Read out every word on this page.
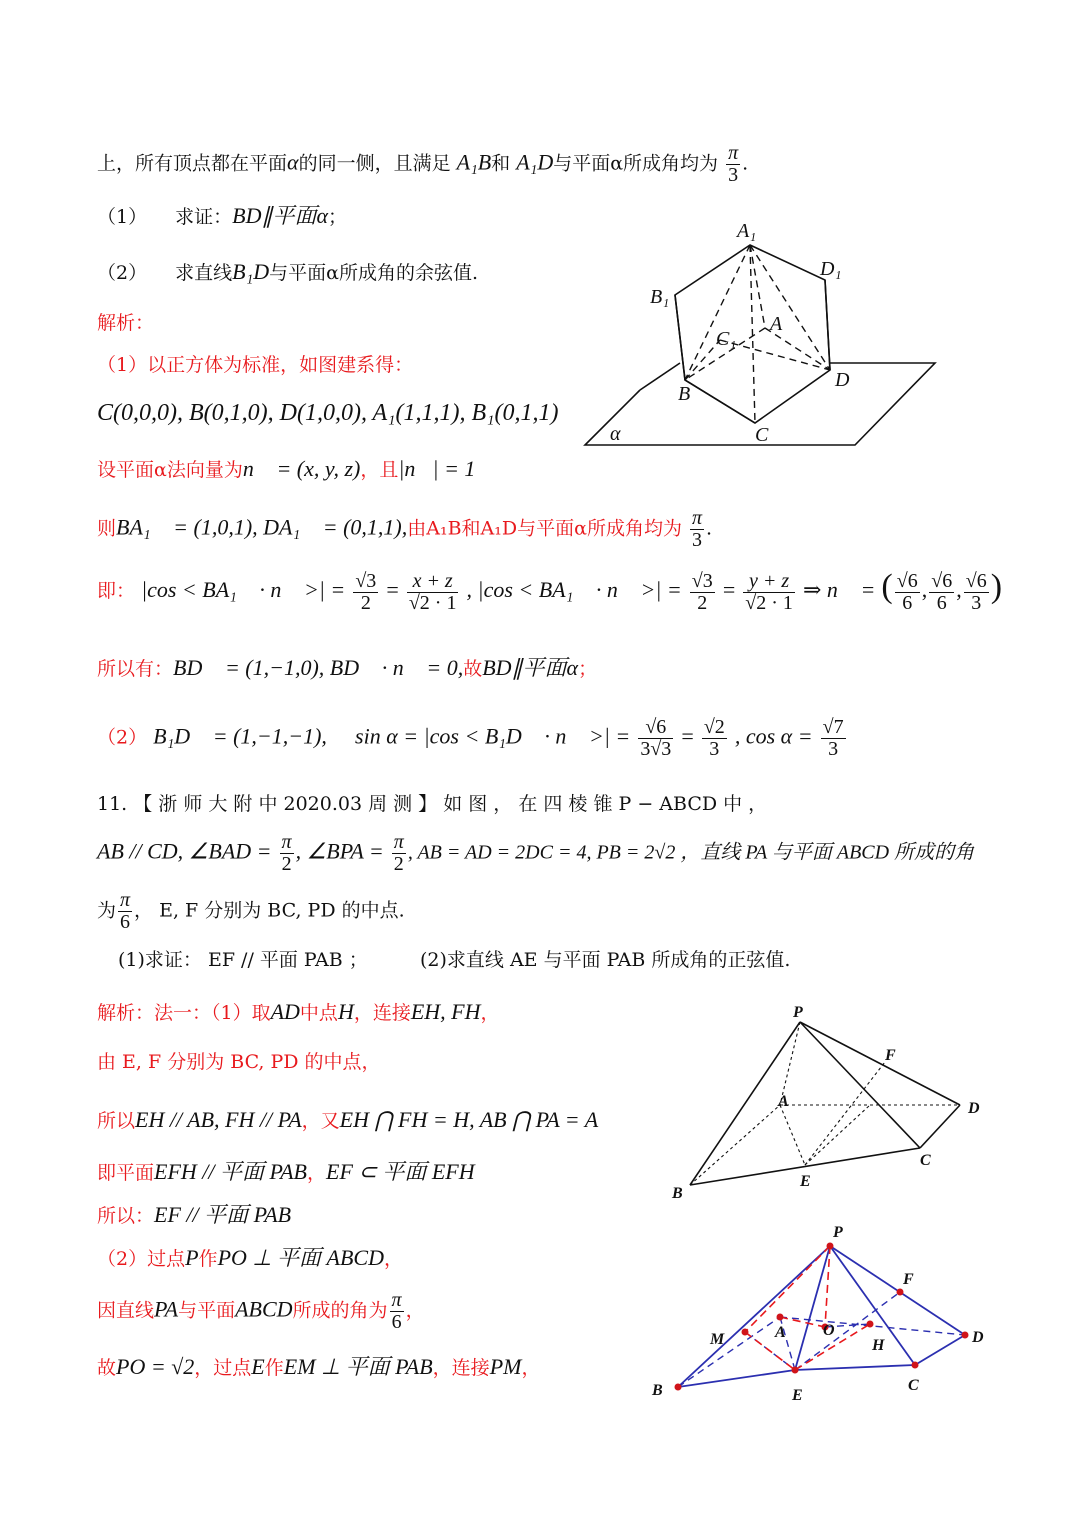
上，所有顶点都在平面α的同一侧，且满足 A₁B和 A₁D与平面α所成角均为 $\frac{\pi}{3}$ .
（1） 求证：BD∥平面α；
（2） 求直线B₁D与平面α所成角的余弦值.
解析：
（1）以正方体为标准，如图建系得：
C(0,0,0), B(0,1,0), D(1,0,0), A₁(1,1,1), B₁(0,1,1)
设平面α法向量为n⃗ = (x, y, z)，且|n⃗| = 1
则BA₁⃗ = (1,0,1), DA₁⃗ = (0,1,1),由A₁B和A₁D与平面α所成角均为 $\frac{\pi}{3}$ .
即： |cos < BA₁⃗ · n⃗ >| = $\frac{√3}{2} = \frac{x + z}{√2 \cdot 1}$ , |cos < BA₁⃗ · n⃗ >| = $\frac{√3}{2} = \frac{y + z}{√2 \cdot 1}$ ⇒ n⃗ = ( $\frac{√6}{6}$ , $\frac{√6}{6}$ , $\frac{√6}{3}$ )
所以有：BD⃗ = (1,−1,0), BD⃗ · n⃗ = 0,故BD∥平面α；
（2） B₁D⃗ = (1,−1,−1), ∴ sin α = |cos < B₁D⃗ · n⃗ >| = $\frac{√6}{3√3} = \frac{√2}{3}$ , $\cos \alpha = \frac{√7}{3}$
11. 【 浙 师 大 附 中 2020.03 周 测 】 如 图 ， 在 四 棱 锥 P − ABCD 中 ，
AB // CD, ∠BAD = $\frac{\pi}{2}$ , ∠BPA = $\frac{\pi}{2}$ , AB = AD = 2DC = 4, PB = 2√2 ，直线 PA 与平面 ABCD 所成的角
为 $\frac{\pi}{6}$ ， E, F 分别为 BC, PD 的中点.
(1)求证： EF // 平面 PAB ；	(2)求直线 AE 与平面 PAB 所成角的正弦值.
解析：法一：（1）取AD中点H，连接EH, FH，
由 E, F 分别为 BC, PD 的中点，
所以EH // AB, FH // PA，又EH ⋂ FH = H, AB ⋂ PA = A
即平面EFH // 平面 PAB，EF ⊂ 平面 EFH
所以：EF // 平面 PAB
（2）过点P作PO ⊥ 平面 ABCD，
因直线PA与平面ABCD所成的角为 $\frac{\pi}{6}$ ，
故PO = √2，过点E作EM ⊥ 平面 PAB，连接PM，
A₁
D₁
B₁
C₁
A
B
D
C
α
P
F
A	D
C
E
B
P
F
M	A O
H	D
B	E
C
